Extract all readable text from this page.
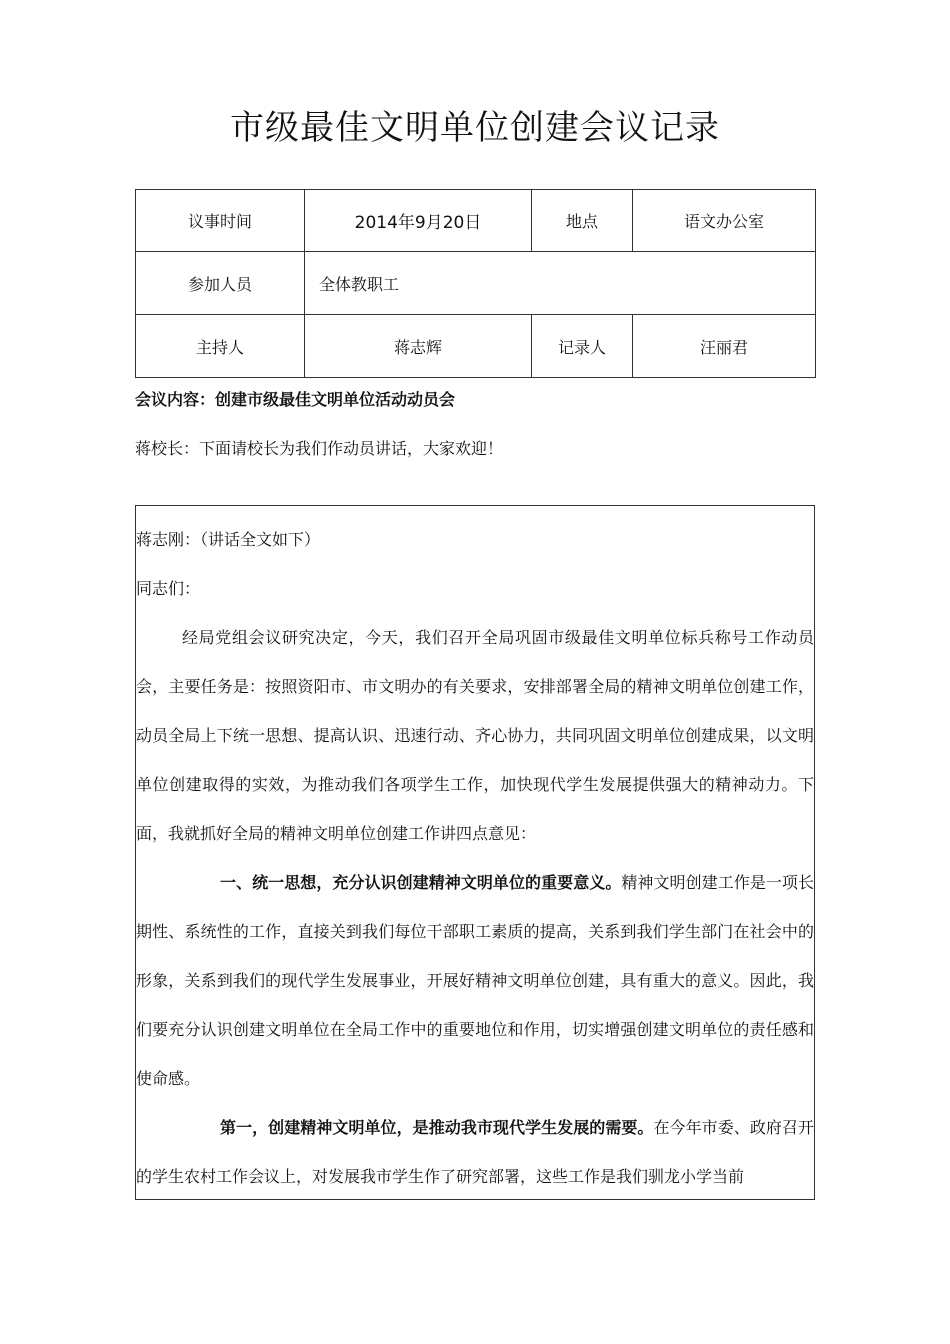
市级最佳文明单位创建会议记录
议事时间	2014年9月20日	地点	语文办公室
参加人员	全体教职工		
主持人	蒋志辉	记录人	汪丽君
会议内容：创建市级最佳文明单位活动动员会
蒋校长：下面请校长为我们作动员讲话，大家欢迎！

蒋志刚：（讲话全文如下）

同志们：

经局党组会议研究决定，今天，我们召开全局巩固市级最佳文明单位标兵称号工作动员会，主要任务是：按照资阳市、市文明办的有关要求，安排部署全局的精神文明单位创建工作，动员全局上下统一思想、提高认识、迅速行动、齐心协力，共同巩固文明单位创建成果，以文明单位创建取得的实效，为推动我们各项学生工作，加快现代学生发展提供强大的精神动力。下面，我就抓好全局的精神文明单位创建工作讲四点意见：

一、统一思想，充分认识创建精神文明单位的重要意义。精神文明创建工作是一项长期性、系统性的工作，直接关到我们每位干部职工素质的提高，关系到我们学生部门在社会中的形象，关系到我们的现代学生发展事业，开展好精神文明单位创建，具有重大的意义。因此，我们要充分认识创建文明单位在全局工作中的重要地位和作用，切实增强创建文明单位的责任感和使命感。

第一，创建精神文明单位，是推动我市现代学生发展的需要。在今年市委、政府召开的学生农村工作会议上，对发展我市学生作了研究部署，这些工作是我们驯龙小学当前
